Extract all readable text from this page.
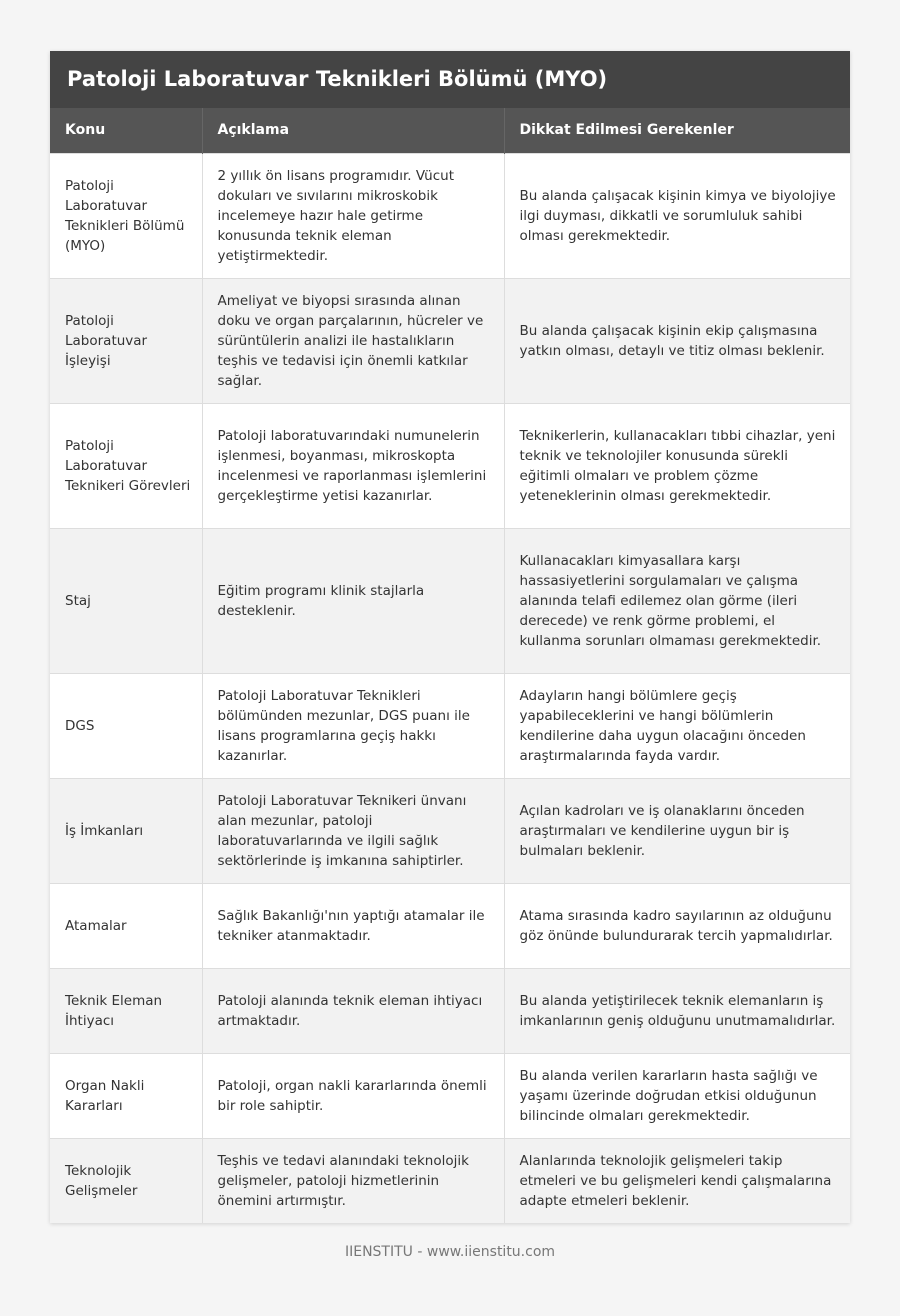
Patoloji Laboratuvar Teknikleri Bölümü (MYO)
Konu	Açıklama	Dikkat Edilmesi Gerekenler
Patoloji Laboratuvar Teknikleri Bölümü (MYO)	2 yıllık ön lisans programıdır. Vücut dokuları ve sıvılarını mikroskobik incelemeye hazır hale getirme konusunda teknik eleman yetiştirmektedir.	Bu alanda çalışacak kişinin kimya ve biyolojiye ilgi duyması, dikkatli ve sorumluluk sahibi olması gerekmektedir.
Patoloji Laboratuvar İşleyişi	Ameliyat ve biyopsi sırasında alınan doku ve organ parçalarının, hücreler ve sürüntülerin analizi ile hastalıkların teşhis ve tedavisi için önemli katkılar sağlar.	Bu alanda çalışacak kişinin ekip çalışmasına yatkın olması, detaylı ve titiz olması beklenir.
Patoloji Laboratuvar Teknikeri Görevleri	Patoloji laboratuvarındaki numunelerin işlenmesi, boyanması, mikroskopta incelenmesi ve raporlanması işlemlerini gerçekleştirme yetisi kazanırlar.	Teknikerlerin, kullanacakları tıbbi cihazlar, yeni teknik ve teknolojiler konusunda sürekli eğitimli olmaları ve problem çözme yeteneklerinin olması gerekmektedir.
Staj	Eğitim programı klinik stajlarla desteklenir.	Kullanacakları kimyasallara karşı hassasiyetlerini sorgulamaları ve çalışma alanında telafi edilemez olan görme (ileri derecede) ve renk görme problemi, el kullanma sorunları olmaması gerekmektedir.
DGS	Patoloji Laboratuvar Teknikleri bölümünden mezunlar, DGS puanı ile lisans programlarına geçiş hakkı kazanırlar.	Adayların hangi bölümlere geçiş yapabileceklerini ve hangi bölümlerin kendilerine daha uygun olacağını önceden araştırmalarında fayda vardır.
İş İmkanları	Patoloji Laboratuvar Teknikeri ünvanı alan mezunlar, patoloji laboratuvarlarında ve ilgili sağlık sektörlerinde iş imkanına sahiptirler.	Açılan kadroları ve iş olanaklarını önceden araştırmaları ve kendilerine uygun bir iş bulmaları beklenir.
Atamalar	Sağlık Bakanlığı'nın yaptığı atamalar ile tekniker atanmaktadır.	Atama sırasında kadro sayılarının az olduğunu göz önünde bulundurarak tercih yapmalıdırlar.
Teknik Eleman İhtiyacı	Patoloji alanında teknik eleman ihtiyacı artmaktadır.	Bu alanda yetiştirilecek teknik elemanların iş imkanlarının geniş olduğunu unutmamalıdırlar.
Organ Nakli Kararları	Patoloji, organ nakli kararlarında önemli bir role sahiptir.	Bu alanda verilen kararların hasta sağlığı ve yaşamı üzerinde doğrudan etkisi olduğunun bilincinde olmaları gerekmektedir.
Teknolojik Gelişmeler	Teşhis ve tedavi alanındaki teknolojik gelişmeler, patoloji hizmetlerinin önemini artırmıştır.	Alanlarında teknolojik gelişmeleri takip etmeleri ve bu gelişmeleri kendi çalışmalarına adapte etmeleri beklenir.
IIENSTITU - www.iienstitu.com
